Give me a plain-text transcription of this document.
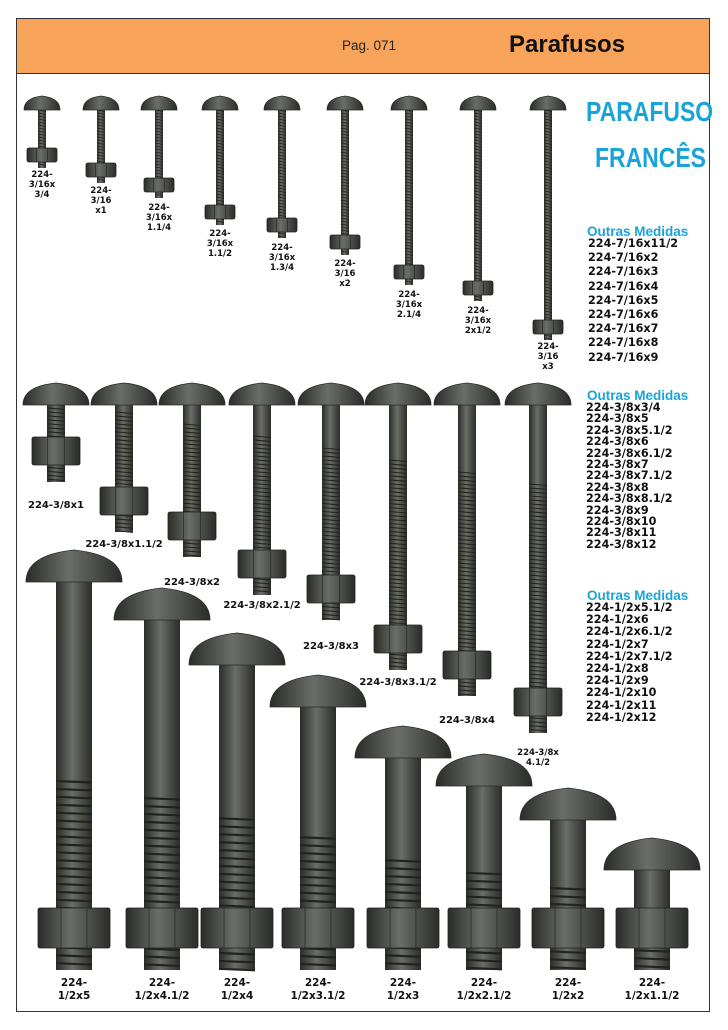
Pag. 071	Parafusos
PARAFUSO
FRANCÊS
Outras Medidas
224-7/16x11/2
224-7/16x2
224-7/16x3
224-7/16x4
224-7/16x5
224-7/16x6
224-7/16x7
224-7/16x8
224-7/16x9
Outras Medidas
224-3/8x3/4
224-3/8x5
224-3/8x5.1/2
224-3/8x6
224-3/8x6.1/2
224-3/8x7
224-3/8x7.1/2
224-3/8x8
224-3/8x8.1/2
224-3/8x9
224-3/8x10
224-3/8x11
224-3/8x12
Outras Medidas
224-1/2x5.1/2
224-1/2x6
224-1/2x6.1/2
224-1/2x7
224-1/2x7.1/2
224-1/2x8
224-1/2x9
224-1/2x10
224-1/2x11
224-1/2x12
224-
3/16x
3/4	224-
3/16
x1	224-
3/16x
1.1/4
224-
3/16x
1.1/2
224-
3/16x
1.3/4	224-
3/16
x2
224-
3/16x
2.1/4	224-
3/16x
2x1/2
224-
3/16
x3
224-3/8x1
224-3/8x1.1/2
224-3/8x2
224-3/8x2.1/2
224-3/8x3
224-3/8x3.1/2
224-3/8x4
224-3/8x
4.1/2
224-
1/2x5
224-
1/2x4.1/2
224-
1/2x4
224-
1/2x3.1/2
224-
1/2x3
224-
1/2x2.1/2
224-
1/2x2
224-
1/2x1.1/2
